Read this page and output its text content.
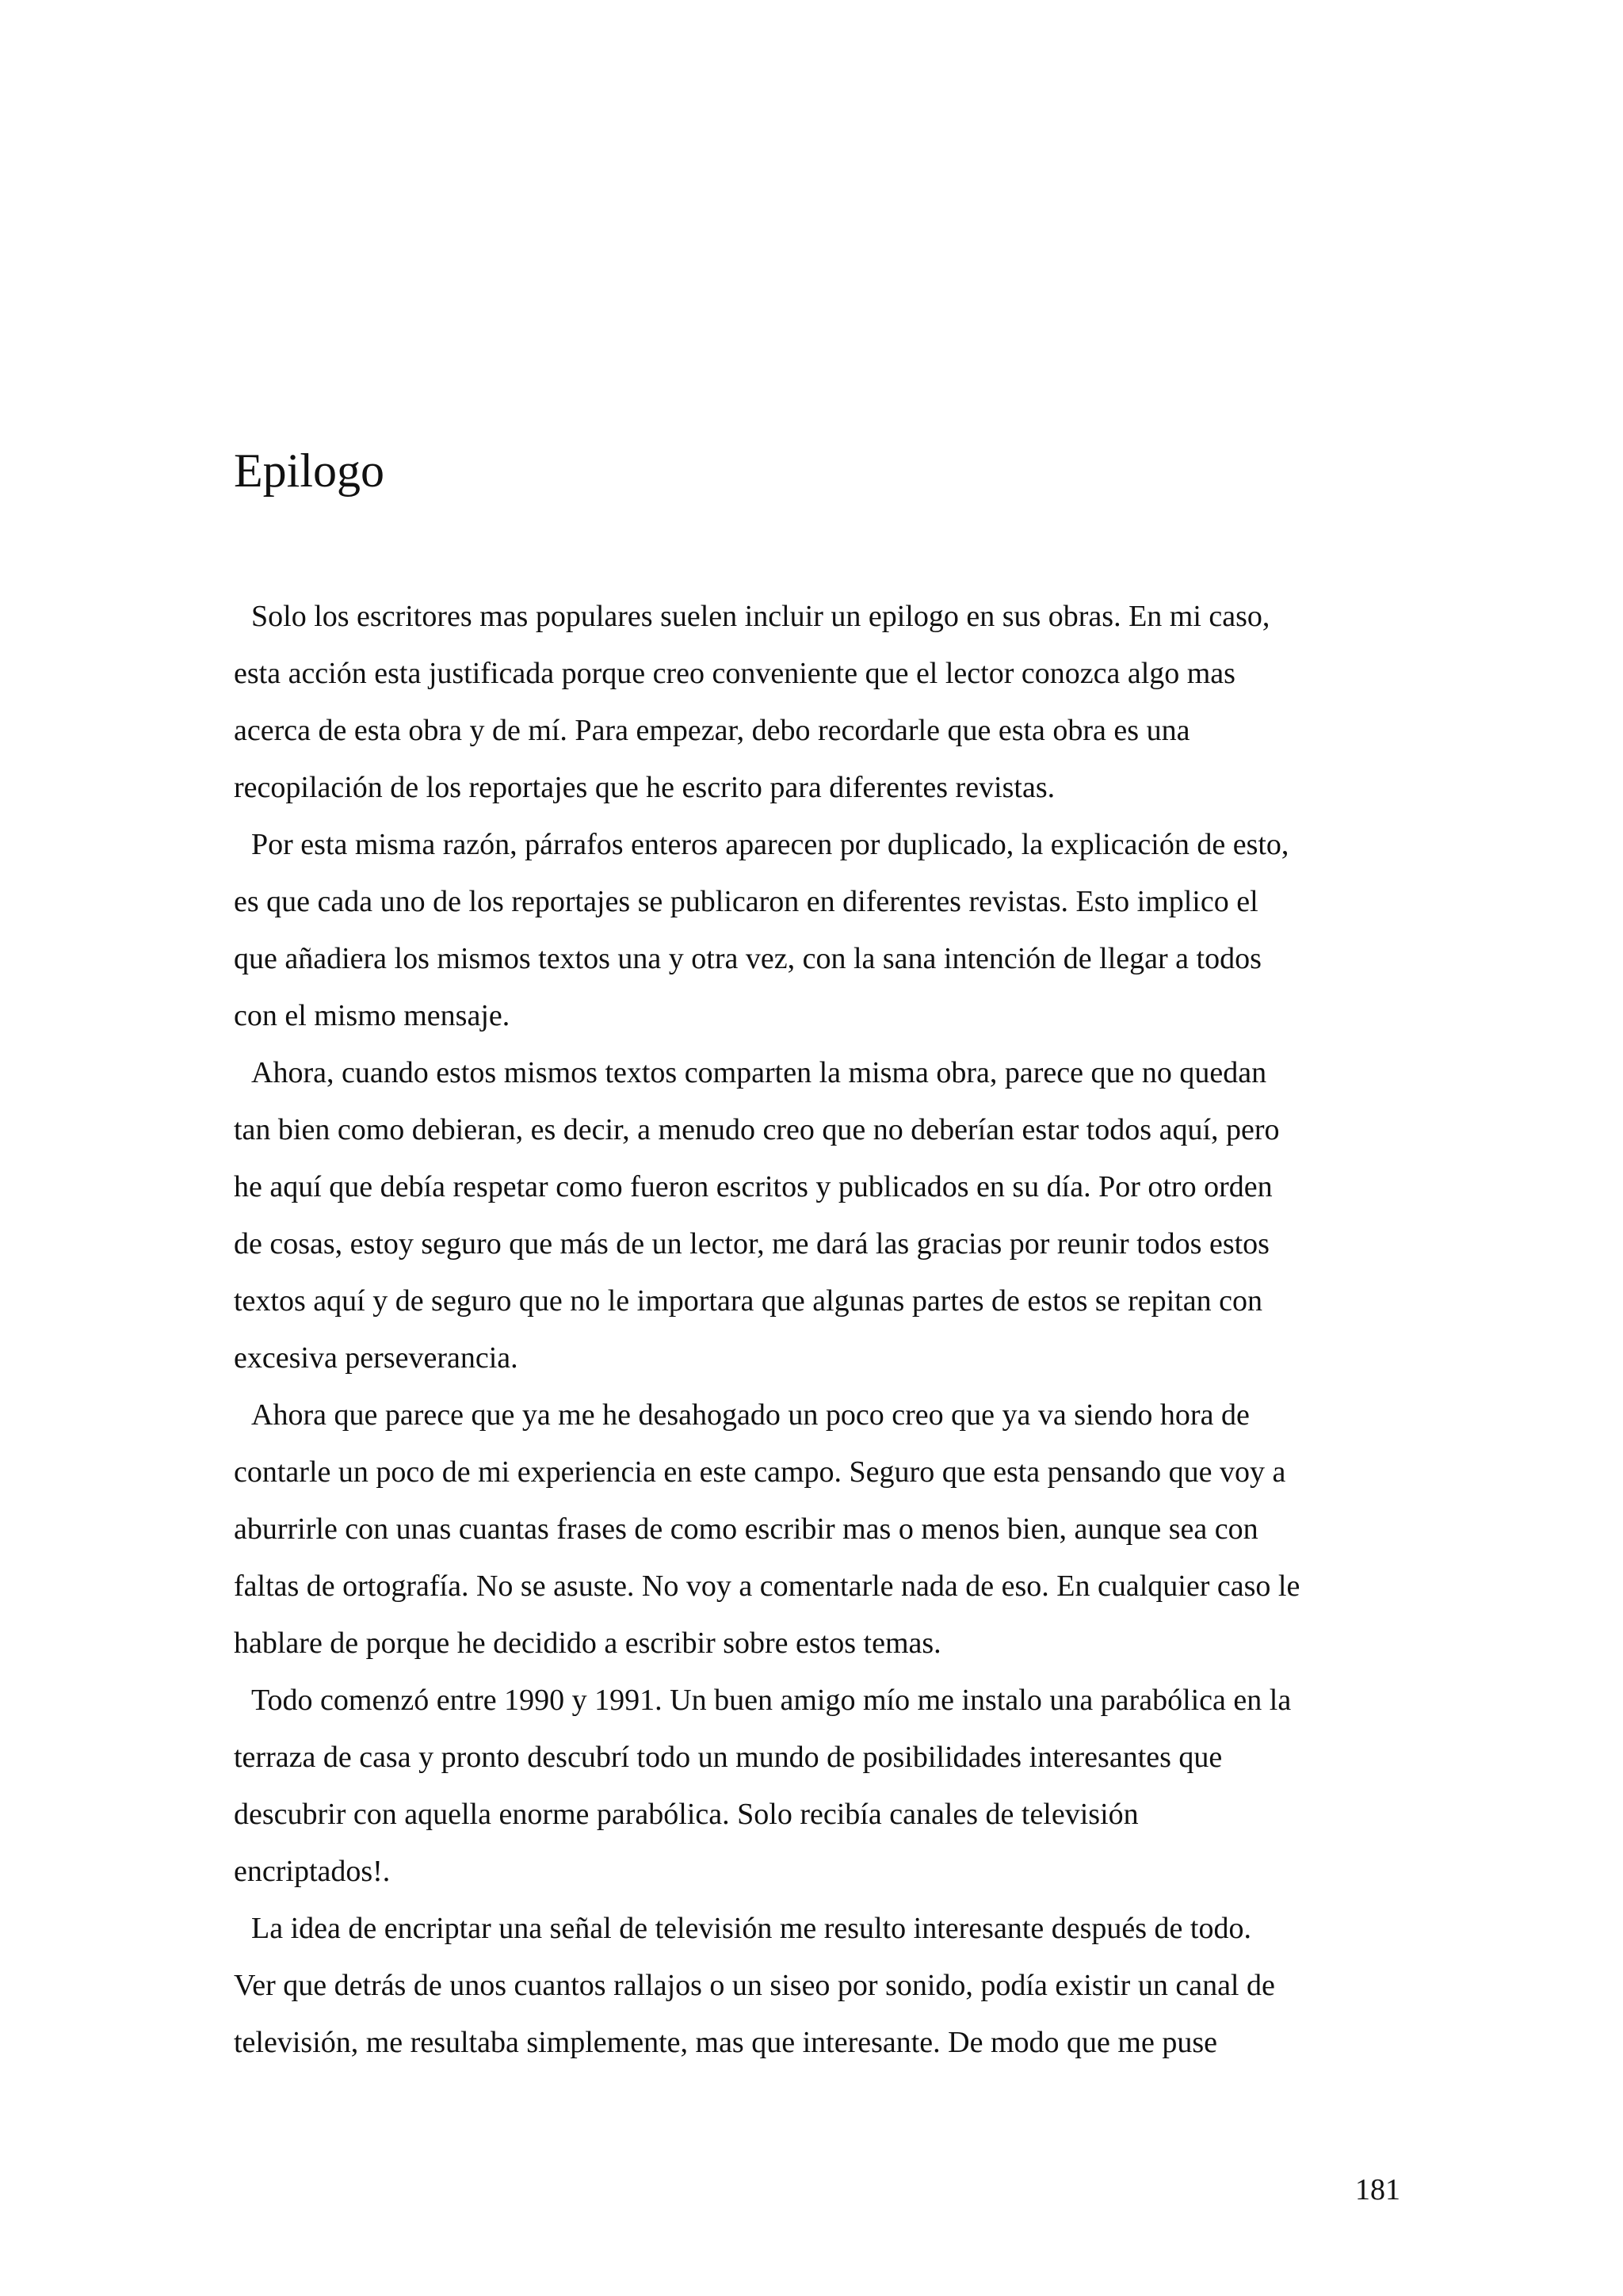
Epilogo

Solo los escritores mas populares suelen incluir un epilogo en sus obras. En mi caso,
esta acción esta justificada porque creo conveniente que el lector conozca algo mas
acerca de esta obra y de mí. Para empezar, debo recordarle que esta obra es una
recopilación de los reportajes que he escrito para diferentes revistas.

Por esta misma razón, párrafos enteros aparecen por duplicado, la explicación de esto,
es que cada uno de los reportajes se publicaron en diferentes revistas. Esto implico el
que añadiera los mismos textos una y otra vez, con la sana intención de llegar a todos
con el mismo mensaje.

Ahora, cuando estos mismos textos comparten la misma obra, parece que no quedan
tan bien como debieran, es decir, a menudo creo que no deberían estar todos aquí, pero
he aquí que debía respetar como fueron escritos y publicados en su día. Por otro orden
de cosas, estoy seguro que más de un lector, me dará las gracias por reunir todos estos
textos aquí y de seguro que no le importara que algunas partes de estos se repitan con
excesiva perseverancia.

Ahora que parece que ya me he desahogado un poco creo que ya va siendo hora de
contarle un poco de mi experiencia en este campo. Seguro que esta pensando que voy a
aburrirle con unas cuantas frases de como escribir mas o menos bien, aunque sea con
faltas de ortografía. No se asuste. No voy a comentarle nada de eso. En cualquier caso le
hablare de porque he decidido a escribir sobre estos temas.

Todo comenzó entre 1990 y 1991. Un buen amigo mío me instalo una parabólica en la
terraza de casa y pronto descubrí todo un mundo de posibilidades interesantes que
descubrir con aquella enorme parabólica. Solo recibía canales de televisión
encriptados!.

La idea de encriptar una señal de televisión me resulto interesante después de todo.
Ver que detrás de unos cuantos rallajos o un siseo por sonido, podía existir un canal de
televisión, me resultaba simplemente, mas que interesante. De modo que me puse

181
